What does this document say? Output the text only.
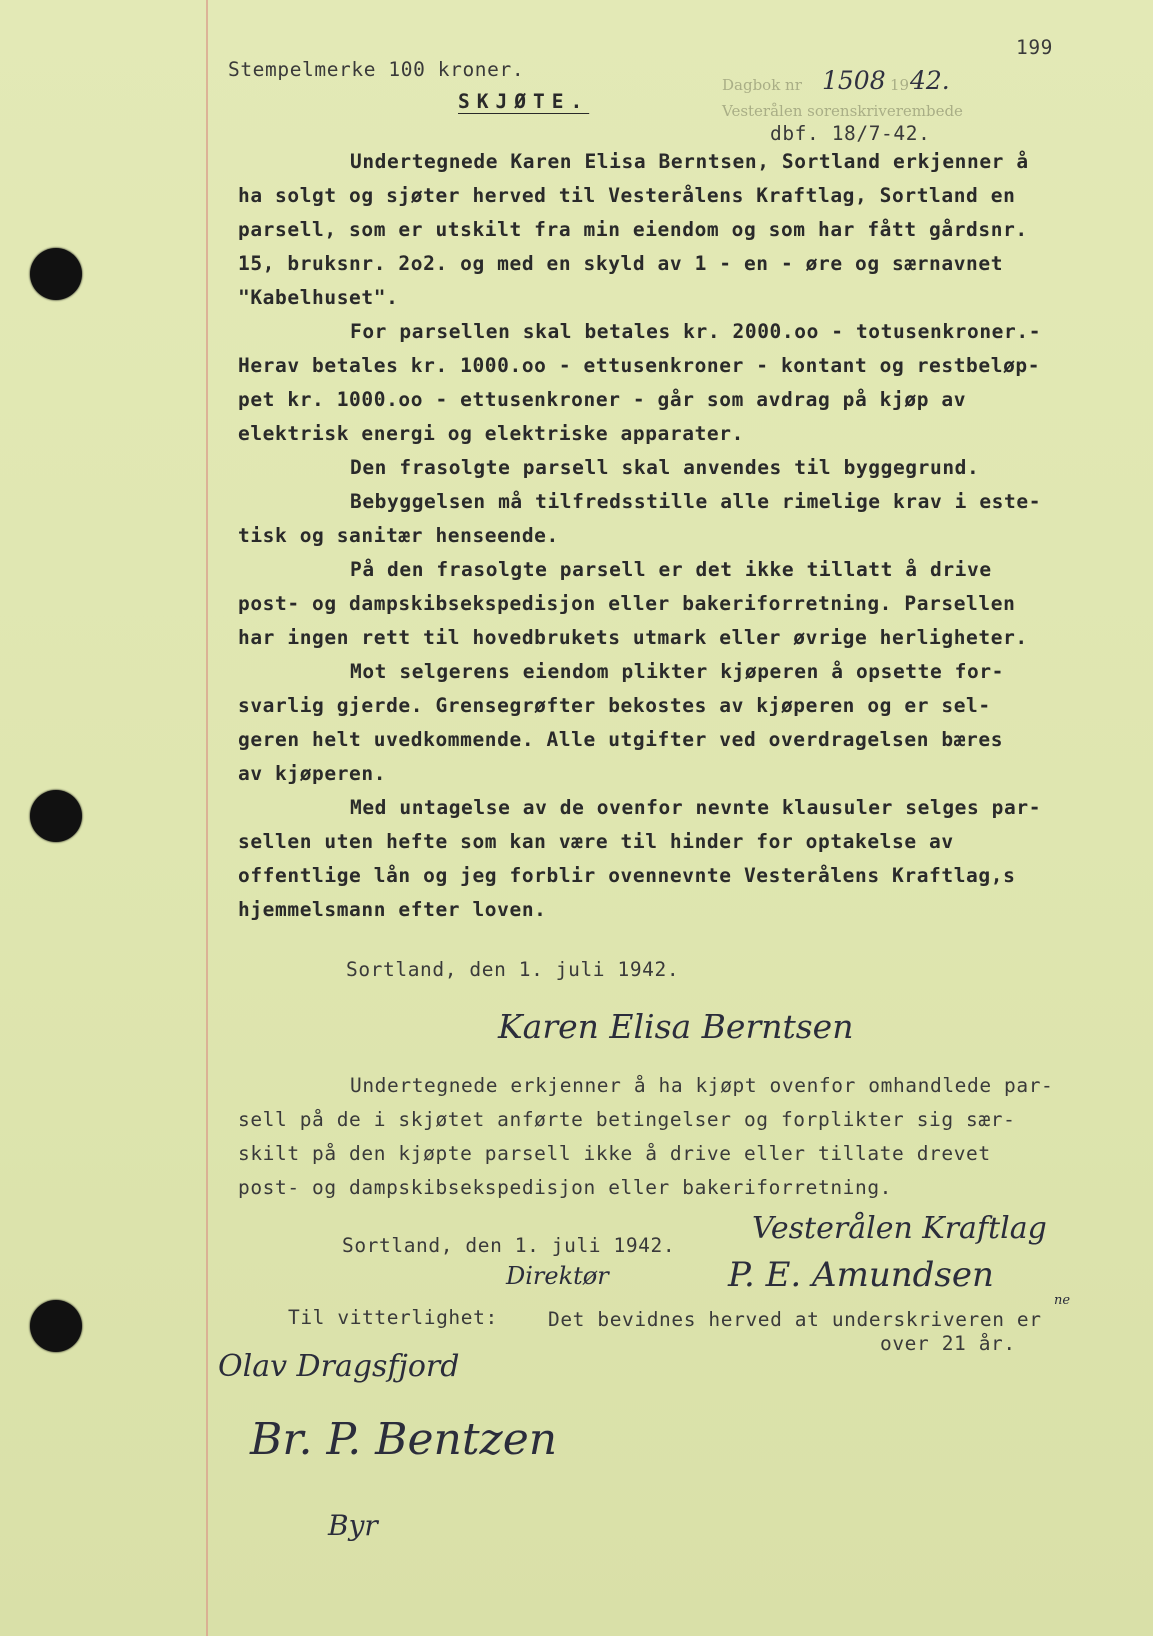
199
Stempelmerke 100 kroner.
SKJØTE.
Dagbok nr 1508 19 42.
Vesterålen sorenskriverembede
dbf. 18/7-42.
Undertegnede Karen Elisa Berntsen, Sortland erkjenner å
ha solgt og sjøter herved til Vesterålens Kraftlag, Sortland en
parsell, som er utskilt fra min eiendom og som har fått gårdsnr.
15, bruksnr. 2o2. og med en skyld av 1 - en - øre og særnavnet
"Kabelhuset".
For parsellen skal betales kr. 2000.oo - totusenkroner.-
Herav betales kr. 1000.oo - ettusenkroner - kontant og restbeløp-
pet kr. 1000.oo - ettusenkroner - går som avdrag på kjøp av
elektrisk energi og elektriske apparater.
Den frasolgte parsell skal anvendes til byggegrund.
Bebyggelsen må tilfredsstille alle rimelige krav i este-
tisk og sanitær henseende.
På den frasolgte parsell er det ikke tillatt å drive
post- og dampskibsekspedisjon eller bakeriforretning. Parsellen
har ingen rett til hovedbrukets utmark eller øvrige herligheter.
Mot selgerens eiendom plikter kjøperen å opsette for-
svarlig gjerde. Grensegrøfter bekostes av kjøperen og er sel-
geren helt uvedkommende. Alle utgifter ved overdragelsen bæres
av kjøperen.
Med untagelse av de ovenfor nevnte klausuler selges par-
sellen uten hefte som kan være til hinder for optakelse av
offentlige lån og jeg forblir ovennevnte Vesterålens Kraftlag,s
hjemmelsmann efter loven.
Sortland, den 1. juli 1942.
Karen Elisa Berntsen
Undertegnede erkjenner å ha kjøpt ovenfor omhandlede par-
sell på de i skjøtet anførte betingelser og forplikter sig sær-
skilt på den kjøpte parsell ikke å drive eller tillate drevet
post- og dampskibsekspedisjon eller bakeriforretning.
Sortland, den 1. juli 1942.	Vesterålen Kraftlag
Direktør	P. E. Amundsen
Til vitterlighet:	Det bevidnes herved at underskriveren er
over 21 år.
ne
Olav Dragsfjord
Br. P. Bentzen
Byr
